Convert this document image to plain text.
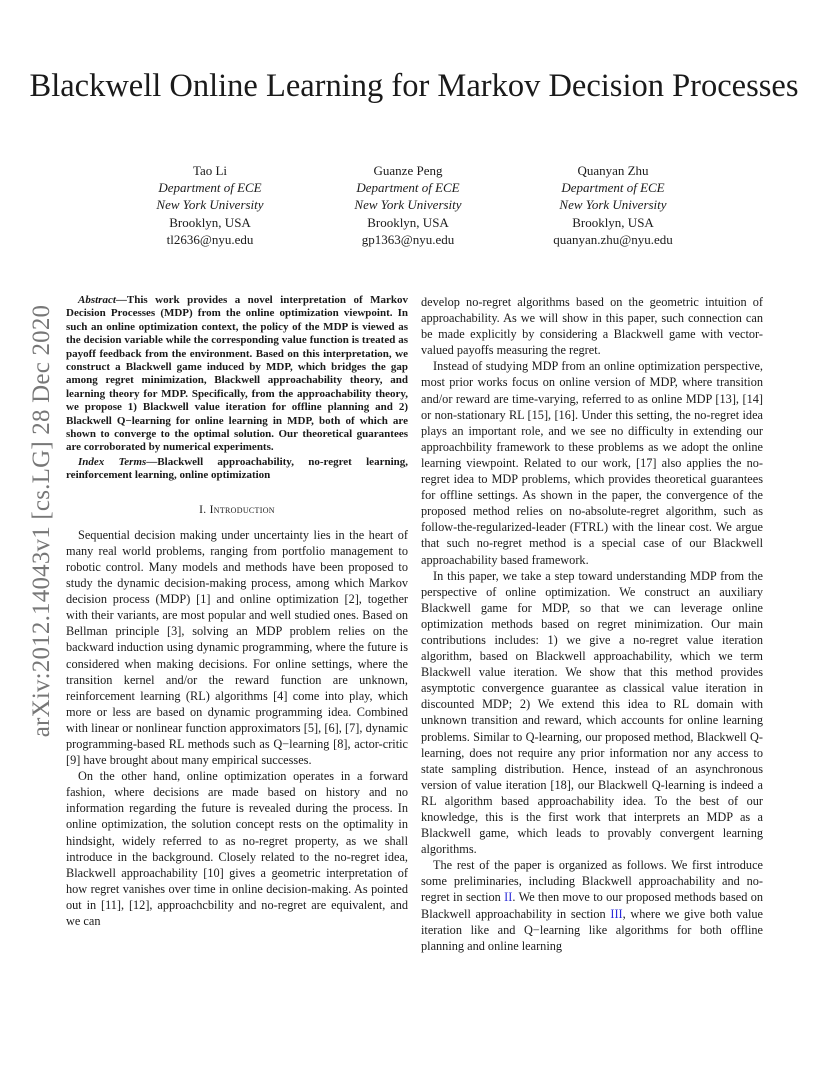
Blackwell Online Learning for Markov Decision Processes
Tao Li
Department of ECE
New York University
Brooklyn, USA
tl2636@nyu.edu
Guanze Peng
Department of ECE
New York University
Brooklyn, USA
gp1363@nyu.edu
Quanyan Zhu
Department of ECE
New York University
Brooklyn, USA
quanyan.zhu@nyu.edu
arXiv:2012.14043v1 [cs.LG] 28 Dec 2020
Abstract—This work provides a novel interpretation of Markov Decision Processes (MDP) from the online optimization viewpoint. In such an online optimization context, the policy of the MDP is viewed as the decision variable while the corresponding value function is treated as payoff feedback from the environment. Based on this interpretation, we construct a Blackwell game induced by MDP, which bridges the gap among regret minimization, Blackwell approachability theory, and learning theory for MDP. Specifically, from the approachability theory, we propose 1) Blackwell value iteration for offline planning and 2) Blackwell Q−learning for online learning in MDP, both of which are shown to converge to the optimal solution. Our theoretical guarantees are corroborated by numerical experiments.
Index Terms—Blackwell approachability, no-regret learning, reinforcement learning, online optimization
I. Introduction

Sequential decision making under uncertainty lies in the heart of many real world problems, ranging from portfolio management to robotic control. Many models and methods have been proposed to study the dynamic decision-making process, among which Markov decision process (MDP) [1] and online optimization [2], together with their variants, are most popular and well studied ones. Based on Bellman principle [3], solving an MDP problem relies on the backward induction using dynamic programming, where the future is considered when making decisions. For online settings, where the transition kernel and/or the reward function are unknown, reinforcement learning (RL) algorithms [4] come into play, which more or less are based on dynamic programming idea. Combined with linear or nonlinear function approximators [5], [6], [7], dynamic programming-based RL methods such as Q−learning [8], actor-critic [9] have brought about many empirical successes.

On the other hand, online optimization operates in a forward fashion, where decisions are made based on history and no information regarding the future is revealed during the process. In online optimization, the solution concept rests on the optimality in hindsight, widely referred to as no-regret property, as we shall introduce in the background. Closely related to the no-regret idea, Blackwell approachability [10] gives a geometric interpretation of how regret vanishes over time in online decision-making. As pointed out in [11], [12], approachcbility and no-regret are equivalent, and we can

develop no-regret algorithms based on the geometric intuition of approachability. As we will show in this paper, such connection can be made explicitly by considering a Blackwell game with vector-valued payoffs measuring the regret.

Instead of studying MDP from an online optimization perspective, most prior works focus on online version of MDP, where transition and/or reward are time-varying, referred to as online MDP [13], [14] or non-stationary RL [15], [16]. Under this setting, the no-regret idea plays an important role, and we see no difficulty in extending our approachbility framework to these problems as we adopt the online learning viewpoint. Related to our work, [17] also applies the no-regret idea to MDP problems, which provides theoretical guarantees for offline settings. As shown in the paper, the convergence of the proposed method relies on no-absolute-regret algorithm, such as follow-the-regularized-leader (FTRL) with the linear cost. We argue that such no-regret method is a special case of our Blackwell approachability based framework.

In this paper, we take a step toward understanding MDP from the perspective of online optimization. We construct an auxiliary Blackwell game for MDP, so that we can leverage online optimization methods based on regret minimization. Our main contributions includes: 1) we give a no-regret value iteration algorithm, based on Blackwell approachability, which we term Blackwell value iteration. We show that this method provides asymptotic convergence guarantee as classical value iteration in discounted MDP; 2) We extend this idea to RL domain with unknown transition and reward, which accounts for online learning problems. Similar to Q-learning, our proposed method, Blackwell Q-learning, does not require any prior information nor any access to state sampling distribution. Hence, instead of an asynchronous version of value iteration [18], our Blackwell Q-learning is indeed a RL algorithm based approachability idea. To the best of our knowledge, this is the first work that interprets an MDP as a Blackwell game, which leads to provably convergent learning algorithms.

The rest of the paper is organized as follows. We first introduce some preliminaries, including Blackwell approachability and no-regret in section II. We then move to our proposed methods based on Blackwell approachability in section III, where we give both value iteration like and Q−learning like algorithms for both offline planning and online learning
